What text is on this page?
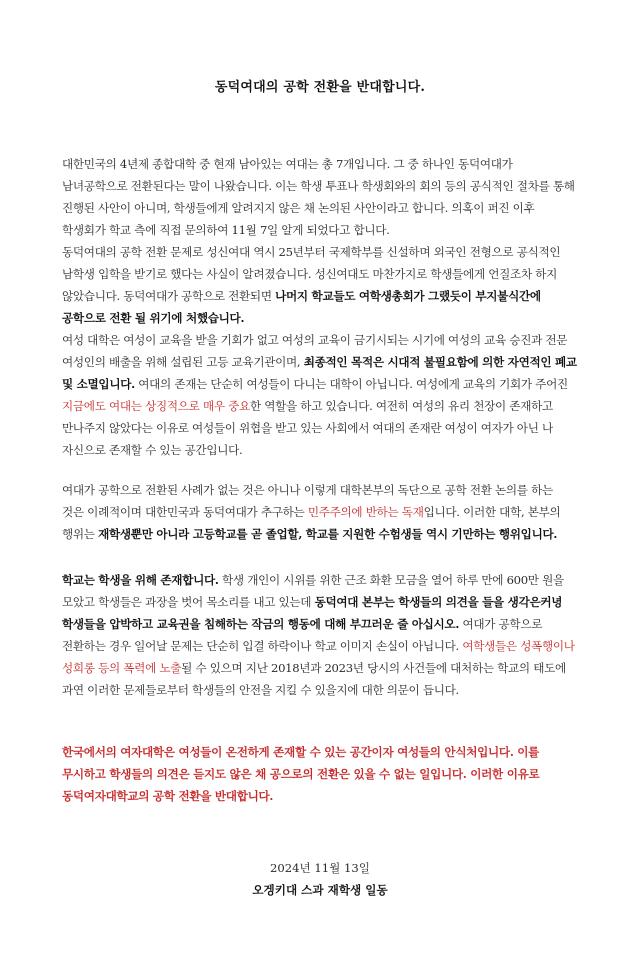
동덕여대의 공학 전환을 반대합니다.

대한민국의 4년제 종합대학 중 현재 남아있는 여대는 총 7개입니다. 그 중 하나인 동덕여대가 남녀공학으로 전환된다는 말이 나왔습니다. 이는 학생 투표나 학생회와의 회의 등의 공식적인 절차를 통해 진행된 사안이 아니며, 학생들에게 알려지지 않은 채 논의된 사안이라고 합니다. 의혹이 퍼진 이후 학생회가 학교 측에 직접 문의하여 11월 7일 알게 되었다고 합니다.

동덕여대의 공학 전환 문제로 성신여대 역시 25년부터 국제학부를 신설하며 외국인 전형으로 공식적인 남학생 입학을 받기로 했다는 사실이 알려졌습니다. 성신여대도 마찬가지로 학생들에게 언질조차 하지 않았습니다. 동덕여대가 공학으로 전환되면 나머지 학교들도 여학생총회가 그랬듯이 부지불식간에 공학으로 전환 될 위기에 처했습니다.

여성 대학은 여성이 교육을 받을 기회가 없고 여성의 교육이 금기시되는 시기에 여성의 교육 승진과 전문 여성인의 배출을 위해 설립된 고등 교육기관이며, 최종적인 목적은 시대적 불필요함에 의한 자연적인 폐교 및 소멸입니다. 여대의 존재는 단순히 여성들이 다니는 대학이 아닙니다. 여성에게 교육의 기회가 주어진 지금에도 여대는 상징적으로 매우 중요한 역할을 하고 있습니다. 여전히 여성의 유리 천장이 존재하고 만나주지 않았다는 이유로 여성들이 위협을 받고 있는 사회에서 여대의 존재란 여성이 여자가 아닌 나 자신으로 존재할 수 있는 공간입니다.

여대가 공학으로 전환된 사례가 없는 것은 아니나 이렇게 대학본부의 독단으로 공학 전환 논의를 하는 것은 이례적이며 대한민국과 동덕여대가 추구하는 민주주의에 반하는 독재입니다. 이러한 대학, 본부의 행위는 재학생뿐만 아니라 고등학교를 곧 졸업할, 학교를 지원한 수험생들 역시 기만하는 행위입니다.

학교는 학생을 위해 존재합니다. 학생 개인이 시위를 위한 근조 화환 모금을 열어 하루 만에 600만 원을 모았고 학생들은 과장을 벗어 목소리를 내고 있는데 동덕여대 본부는 학생들의 의견을 들을 생각은커녕 학생들을 압박하고 교육권을 침해하는 작금의 행동에 대해 부끄러운 줄 아십시오. 여대가 공학으로 전환하는 경우 일어날 문제는 단순히 입결 하락이나 학교 이미지 손실이 아닙니다. 여학생들은 성폭행이나 성희롱 등의 폭력에 노출될 수 있으며 지난 2018년과 2023년 당시의 사건들에 대처하는 학교의 태도에 과연 이러한 문제들로부터 학생들의 안전을 지킬 수 있을지에 대한 의문이 듭니다.

한국에서의 여자대학은 여성들이 온전하게 존재할 수 있는 공간이자 여성들의 안식처입니다. 이를 무시하고 학생들의 의견은 듣지도 않은 채 공으로의 전환은 있을 수 없는 일입니다. 이러한 이유로 동덕여자대학교의 공학 전환을 반대합니다.

2024년 11월 13일
오겡키대 스과 재학생 일동
